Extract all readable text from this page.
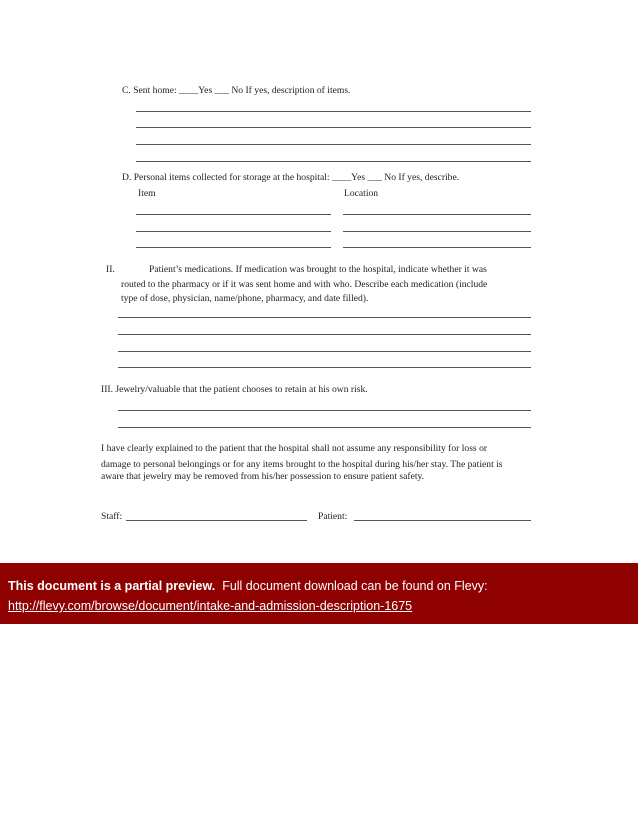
C. Sent home: ____Yes ___ No If yes, description of items.
D. Personal items collected for storage at the hospital: ____Yes ___ No If yes, describe.
Item	Location
II.	Patient’s medications. If medication was brought to the hospital, indicate whether it was
routed to the pharmacy or if it was sent home and with who. Describe each medication (include
type of dose, physician, name/phone, pharmacy, and date filled).
III. Jewelry/valuable that the patient chooses to retain at his own risk.
I have clearly explained to the patient that the hospital shall not assume any responsibility for loss or
damage to personal belongings or for any items brought to the hospital during his/her stay. The patient is
aware that jewelry may be removed from his/her possession to ensure patient safety.
Staff:	Patient:
This document is a partial preview. Full document download can be found on Flevy:
http://flevy.com/browse/document/intake-and-admission-description-1675
